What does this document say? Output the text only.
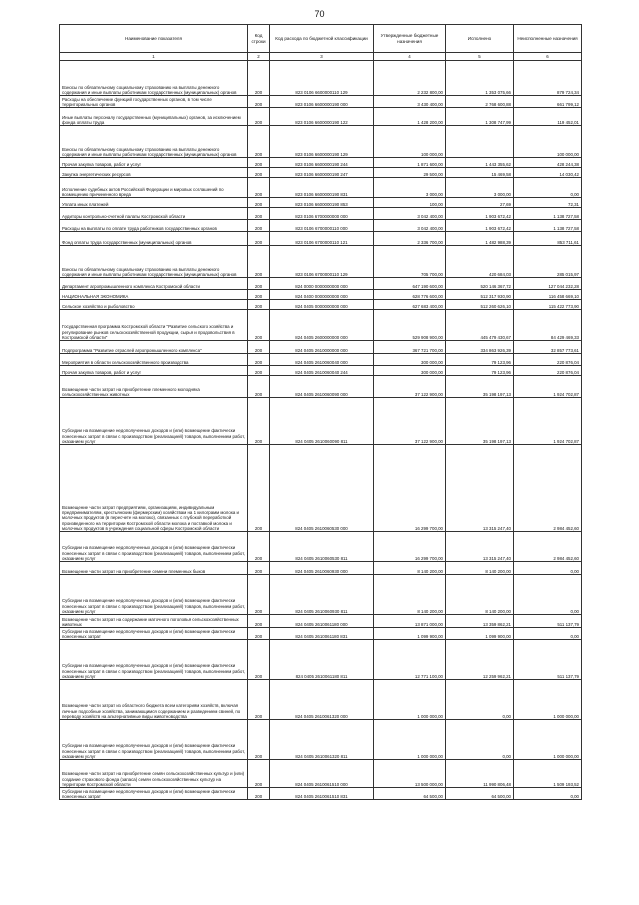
70
Наименование показателя	Код строки	Код расхода по бюджетной классификации	Утвержденные бюджетные назначения	Исполнено	Неисполненные назначения
1	2	3	4	5	6
Взносы по обязательному социальному страхованию на выплаты денежного содержания и иные выплаты работникам государственных (муниципальных) органов	200	823 0106 6600000110 129	2 232 800,00	1 353 075,66	879 724,34
Расходы на обеспечение функций государственных органов, в том числе территориальных органов	200	823 0106 6600000190 000	3 430 400,00	2 768 600,88	661 799,12
Иные выплаты персоналу государственных (муниципальных) органов, за исключением фонда оплаты труда	200	823 0106 6600000190 122	1 428 200,00	1 308 747,99	119 452,01
Взносы по обязательному социальному страхованию на выплаты денежного содержания и иные выплаты работникам государственных (муниципальных) органов	200	823 0106 6600000190 129	100 000,00		100 000,00
Прочая закупка товаров, работ и услуг	200	823 0106 6600000190 244	1 871 600,00	1 443 355,62	428 244,38
Закупка энергетических ресурсов	200	823 0106 6600000190 247	29 500,00	15 469,58	14 030,42
Исполнение судебных актов Российской Федерации и мировых соглашений по возмещению причиненного вреда	200	823 0106 6600000190 831	3 000,00	3 000,00	0,00
Уплата иных платежей	200	823 0106 6600000190 853	100,00	27,69	72,31
Аудиторы контрольно-счетной палаты Костромской области	200	823 0106 6700000000 000	3 042 400,00	1 903 672,42	1 138 727,58
Расходы на выплаты по оплате труда работников государственных органов	200	823 0106 6700000110 000	3 042 400,00	1 903 672,42	1 138 727,58
Фонд оплаты труда государственных (муниципальных) органов	200	823 0106 6700000110 121	2 336 700,00	1 482 988,39	853 711,61
Взносы по обязательному социальному страхованию на выплаты денежного содержания и иные выплаты работникам государственных (муниципальных) органов	200	823 0106 6700000110 129	705 700,00	420 684,03	285 015,97
Департамент агропромышленного комплекса Костромской области	200	824 0000 0000000000 000	647 190 600,00	520 146 367,72	127 044 232,28
НАЦИОНАЛЬНАЯ ЭКОНОМИКА	200	824 0400 0000000000 000	628 776 600,00	512 317 930,90	116 458 669,10
Сельское хозяйство и рыболовство	200	824 0405 0000000000 000	627 683 400,00	512 260 626,10	115 422 773,90
Государственная программа Костромской области "Развитие сельского хозяйства и регулирование рынков сельскохозяйственной продукции, сырья и продовольствия в Костромской области"	200	824 0405 2600000000 000	529 908 900,00	445 479 430,67	84 429 469,33
Подпрограмма "Развитие отраслей агропромышленного комплекса"	200	824 0405 2610000000 000	367 721 700,00	334 863 926,39	32 857 773,61
Мероприятия в области сельскохозяйственного производства	200	824 0405 2610060040 000	300 000,00	79 123,96	220 876,04
Прочая закупка товаров, работ и услуг	200	824 0405 2610060040 244	300 000,00	79 123,96	220 876,04
Возмещение части затрат на приобретение племенного молодняка сельскохозяйственных животных	200	824 0405 2610060090 000	37 122 900,00	35 198 197,13	1 924 702,87
Субсидии на возмещение недополученных доходов и (или) возмещение фактически понесенных затрат в связи с производством (реализацией) товаров, выполнением работ, оказанием услуг	200	824 0405 2610060090 811	37 122 900,00	35 198 197,13	1 924 702,87
Возмещение части затрат предприятиям, организациям, индивидуальным предпринимателям, крестьянским (фермерским) хозяйствам на 1 килограмм молока и молочных продуктов (в пересчете на молоко), связанных с глубокой переработкой произведенного на территории Костромской области молока и поставкой молока и молочных продуктов в учреждения социальной сферы Костромской области	200	824 0405 2610060530 000	16 299 700,00	13 315 247,40	2 984 452,60
Субсидии на возмещение недополученных доходов и (или) возмещение фактически понесенных затрат в связи с производством (реализацией) товаров, выполнением работ, оказанием услуг	200	824 0405 2610060530 811	16 299 700,00	13 315 247,40	2 984 452,60
Возмещение части затрат на приобретение семени племенных быков	200	824 0405 2610060930 000	8 140 200,00	8 140 200,00	0,00
Субсидии на возмещение недополученных доходов и (или) возмещение фактически понесенных затрат в связи с производством (реализацией) товаров, выполнением работ, оказанием услуг	200	824 0405 2610060930 811	8 140 200,00	8 140 200,00	0,00
Возмещение части затрат на содержание маточного поголовья сельскохозяйственных животных	200	824 0405 2610061180 000	13 871 000,00	13 359 862,21	511 137,79
Субсидии на возмещение недополученных доходов и (или) возмещение фактически понесенных затрат	200	824 0405 2610061180 831	1 099 900,00	1 099 900,00	0,00
Субсидии на возмещение недополученных доходов и (или) возмещение фактически понесенных затрат в связи с производством (реализацией) товаров, выполнением работ, оказанием услуг	200	824 0405 2610061180 811	12 771 100,00	12 259 962,21	511 137,79
Возмещение части затрат из областного бюджета всем категориям хозяйств, включая личные подсобные хозяйства, занимающимся содержанием и разведением свиней, по переводу хозяйств на альтернативные виды животноводства	200	824 0405 2610061320 000	1 000 000,00	0,00	1 000 000,00
Субсидии на возмещение недополученных доходов и (или) возмещение фактически понесенных затрат в связи с производством (реализацией) товаров, выполнением работ, оказанием услуг	200	824 0405 2610061320 811	1 000 000,00	0,00	1 000 000,00
Возмещение части затрат на приобретение семян сельскохозяйственных культур и (или) создание страхового фонда (запаса) семян сельскохозяйственных культур на территории Костромской области	200	824 0405 2610061510 000	13 500 000,00	11 990 806,48	1 509 193,52
Субсидии на возмещение недополученных доходов и (или) возмещение фактически понесенных затрат	200	824 0405 2610061510 831	64 500,00	64 500,00	0,00
